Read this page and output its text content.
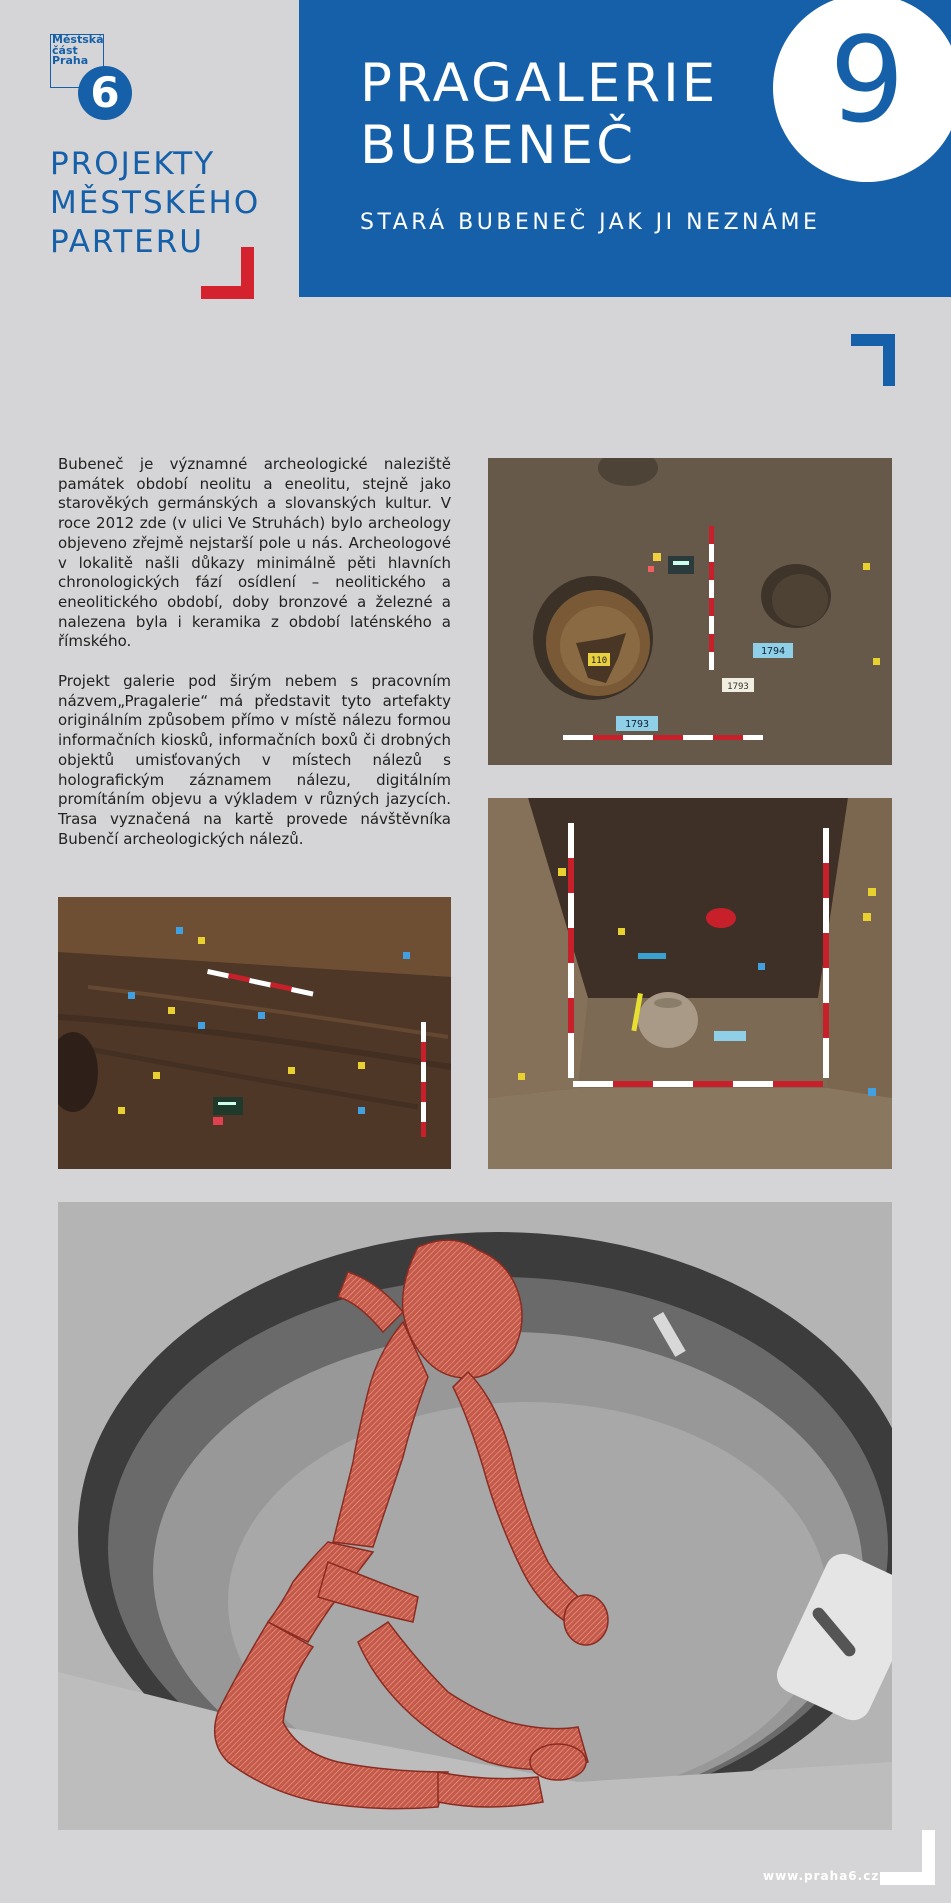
Městská
část
Praha
6
PROJEKTY
MĚSTSKÉHO
PARTERU
9
PRAGALERIE
BUBENEČ
STARÁ BUBENEČ JAK JI NEZNÁME

Bubeneč je významné archeologické naleziště památek období neolitu a eneolitu, stejně jako starověkých germánských a slovanských kultur. V roce 2012 zde (v ulici Ve Struhách) bylo archeology objeveno zřejmě nejstarší pole u nás. Archeologové v lokalitě našli důkazy minimálně pěti hlavních chronologických fází osídlení – neolitického a eneolitického období, doby bronzové a železné a nalezena byla i keramika z období laténského a římského.

Projekt galerie pod širým nebem s pracovním názvem„Pragalerie“ má představit tyto artefakty originálním způsobem přímo v místě nálezu formou informačních kiosků, informačních boxů či drobných objektů umisťovaných v místech nálezů s holografickým záznamem nálezu, digitálním promítáním objevu a výkladem v různých jazycích. Trasa vyznačená na kartě provede návštěvníka Bubenčí archeologických nálezů.

110
1793
1794
1793
www.praha6.cz
